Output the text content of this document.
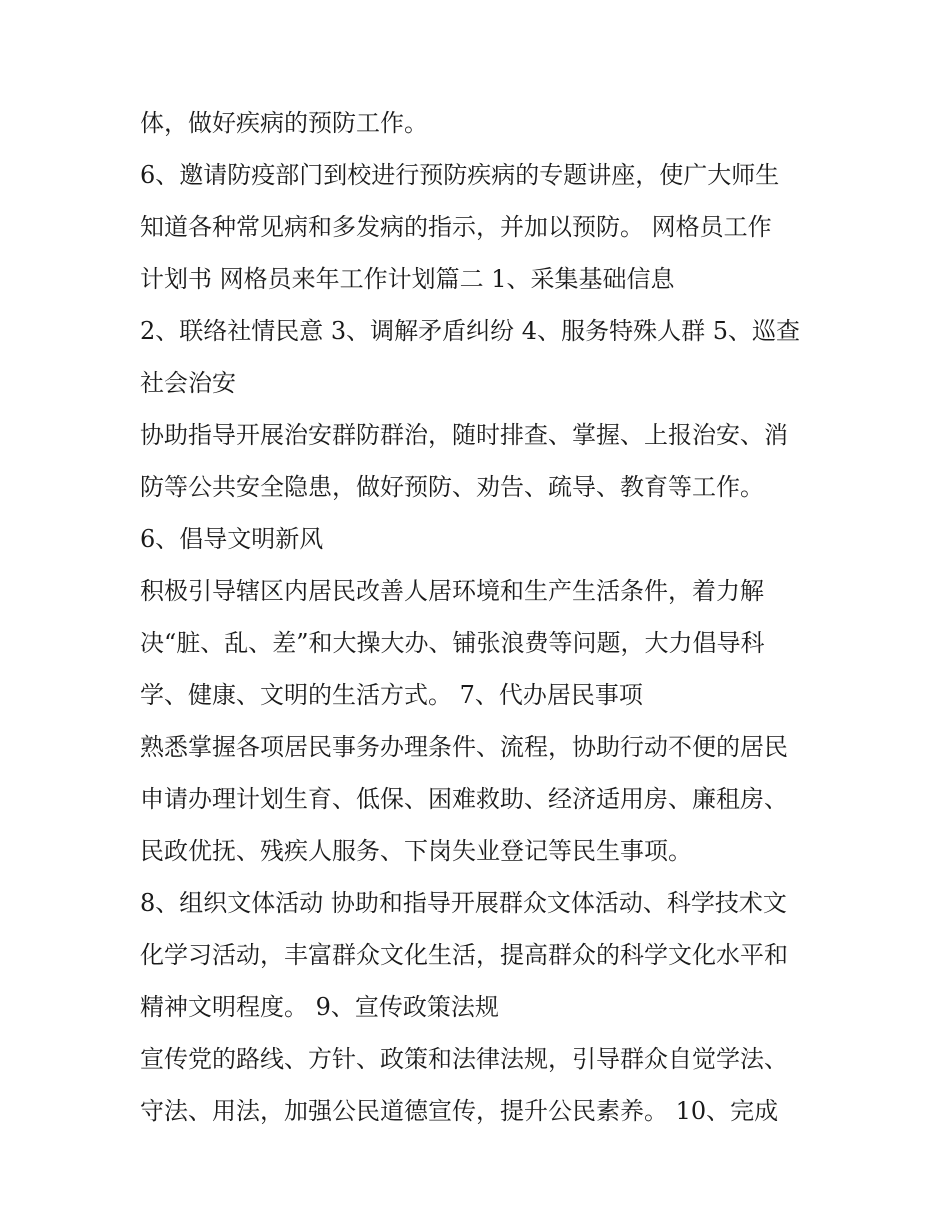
体，做好疾病的预防工作。

6、邀请防疫部门到校进行预防疾病的专题讲座，使广大师生

知道各种常见病和多发病的指示，并加以预防。 网格员工作

计划书 网格员来年工作计划篇二 1、采集基础信息

2、联络社情民意 3、调解矛盾纠纷 4、服务特殊人群 5、巡查

社会治安

协助指导开展治安群防群治，随时排查、掌握、上报治安、消

防等公共安全隐患，做好预防、劝告、疏导、教育等工作。

6、倡导文明新风

积极引导辖区内居民改善人居环境和生产生活条件，着力解

决“脏、乱、差”和大操大办、铺张浪费等问题，大力倡导科

学、健康、文明的生活方式。 7、代办居民事项

熟悉掌握各项居民事务办理条件、流程，协助行动不便的居民

申请办理计划生育、低保、困难救助、经济适用房、廉租房、

民政优抚、残疾人服务、下岗失业登记等民生事项。

8、组织文体活动 协助和指导开展群众文体活动、科学技术文

化学习活动，丰富群众文化生活，提高群众的科学文化水平和

精神文明程度。 9、宣传政策法规

宣传党的路线、方针、政策和法律法规，引导群众自觉学法、

守法、用法，加强公民道德宣传，提升公民素养。 10、完成
